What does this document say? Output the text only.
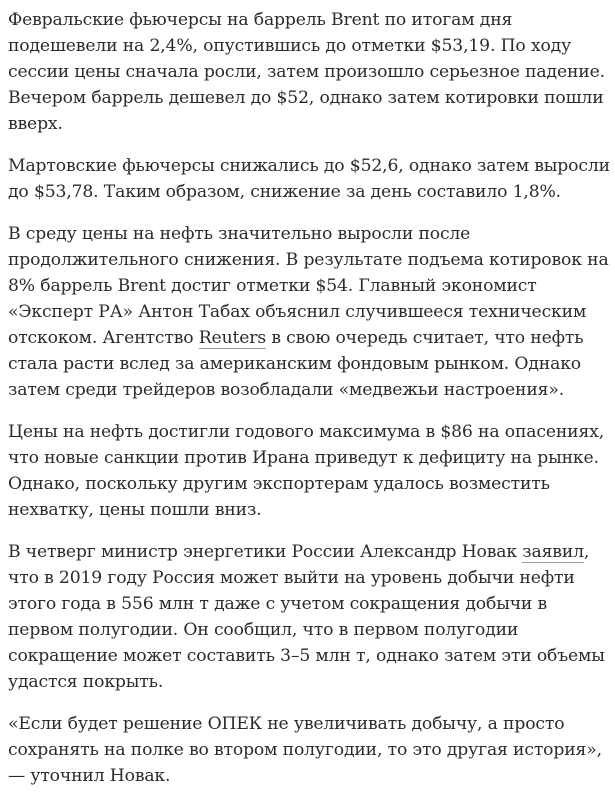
Февральские фьючерсы на баррель Brent по итогам дня подешевели на 2,4%, опустившись до отметки $53,19. По ходу сессии цены сначала росли, затем произошло серьезное падение. Вечером баррель дешевел до $52, однако затем котировки пошли вверх.

Мартовские фьючерсы снижались до $52,6, однако затем выросли до $53,78. Таким образом, снижение за день составило 1,8%.

В среду цены на нефть значительно выросли после продолжительного снижения. В результате подъема котировок на 8% баррель Brent достиг отметки $54. Главный экономист «Эксперт РА» Антон Табах объяснил случившееся техническим отскоком. Агентство Reuters в свою очередь считает, что нефть стала расти вслед за американским фондовым рынком. Однако затем среди трейдеров возобладали «медвежьи настроения».

Цены на нефть достигли годового максимума в $86 на опасениях, что новые санкции против Ирана приведут к дефициту на рынке. Однако, поскольку другим экспортерам удалось возместить нехватку, цены пошли вниз.

В четверг министр энергетики России Александр Новак заявил, что в 2019 году Россия может выйти на уровень добычи нефти этого года в 556 млн т даже с учетом сокращения добычи в первом полугодии. Он сообщил, что в первом полугодии сокращение может составить 3–5 млн т, однако затем эти объемы удастся покрыть.

«Если будет решение ОПЕК не увеличивать добычу, а просто сохранять на полке во втором полугодии, то это другая история», — уточнил Новак.
